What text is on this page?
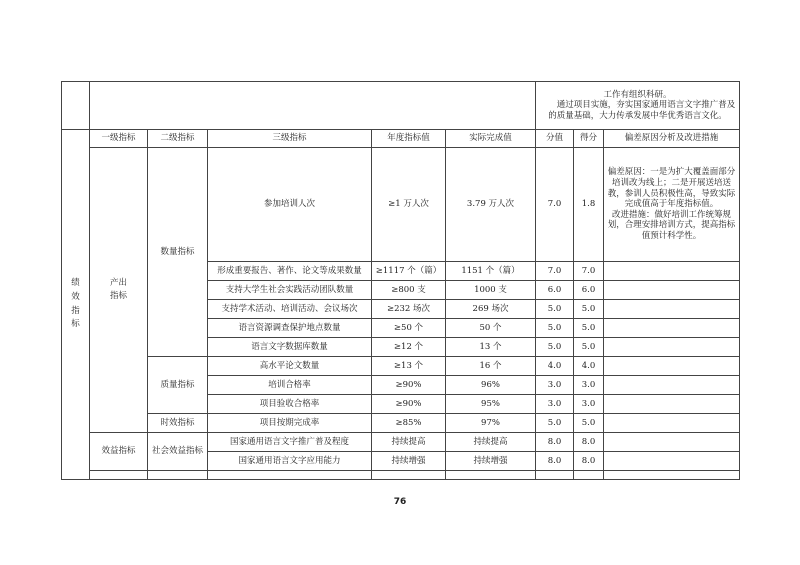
						工作有组织科研。

通过项目实施，夯实国家通用语言文字推广普及的质量基础，大力传承发展中华优秀语言文化。		

绩效指标	一级指标	二级指标	三级指标	年度指标值	实际完成值	分值	得分	偏差原因分析及改进措施
	产出指标	数量指标	参加培训人次	≥1 万人次	3.79 万人次	7.0	1.8	偏差原因：一是为扩大覆盖面部分培训改为线上；二是开展送培送教，参训人员积极性高，导致实际完成值高于年度指标值。

改进措施：做好培训工作统筹规划，合理安排培训方式，提高指标值预计科学性。

			形成重要报告、著作、论文等成果数量	≥1117 个（篇）	1151 个（篇）	7.0	7.0	
			支持大学生社会实践活动团队数量	≥800 支	1000 支	6.0	6.0	
			支持学术活动、培训活动、会议场次	≥232 场次	269 场次	5.0	5.0	
			语言资源调查保护地点数量	≥50 个	50 个	5.0	5.0	
			语言文字数据库数量	≥12 个	13 个	5.0	5.0	
		质量指标	高水平论文数量	≥13 个	16 个	4.0	4.0	
			培训合格率	≥90%	96%	3.0	3.0	
			项目验收合格率	≥90%	95%	3.0	3.0	
		时效指标	项目按期完成率	≥85%	97%	5.0	5.0	
	效益指标	社会效益指标	国家通用语言文字推广普及程度	持续提高	持续提高	8.0	8.0	
			国家通用语言文字应用能力	持续增强	持续增强	8.0	8.0	

76
